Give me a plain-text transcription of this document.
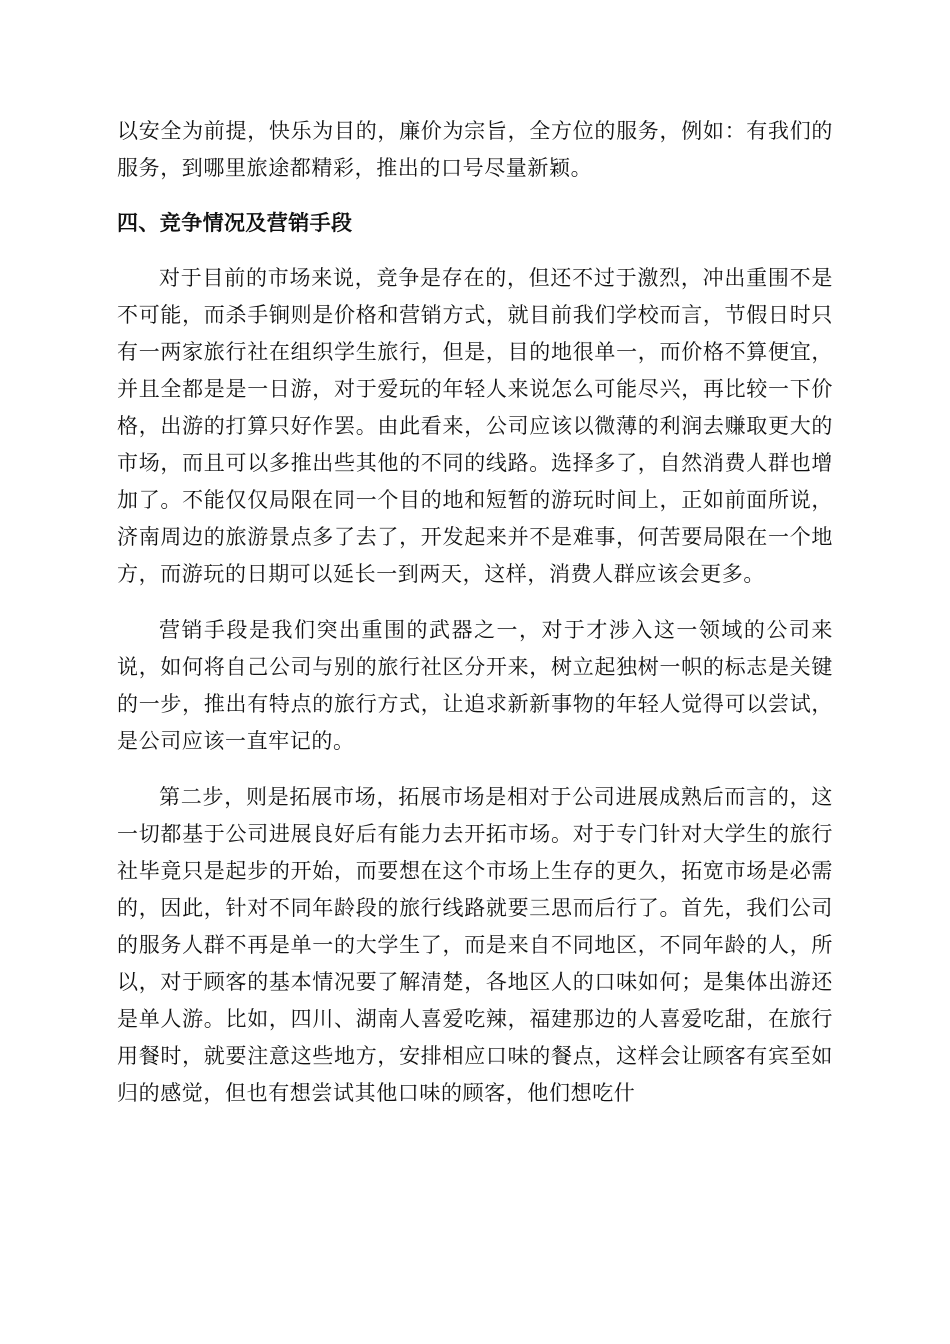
以安全为前提，快乐为目的，廉价为宗旨，全方位的服务，例如：有我们的服务，到哪里旅途都精彩，推出的口号尽量新颖。

四、竞争情况及营销手段

对于目前的市场来说，竞争是存在的，但还不过于激烈，冲出重围不是不可能，而杀手锏则是价格和营销方式，就目前我们学校而言，节假日时只有一两家旅行社在组织学生旅行，但是，目的地很单一，而价格不算便宜，并且全都是是一日游，对于爱玩的年轻人来说怎么可能尽兴，再比较一下价格，出游的打算只好作罢。由此看来，公司应该以微薄的利润去赚取更大的市场，而且可以多推出些其他的不同的线路。选择多了，自然消费人群也增加了。不能仅仅局限在同一个目的地和短暂的游玩时间上，正如前面所说，济南周边的旅游景点多了去了，开发起来并不是难事，何苦要局限在一个地方，而游玩的日期可以延长一到两天，这样，消费人群应该会更多。

营销手段是我们突出重围的武器之一，对于才涉入这一领域的公司来说，如何将自己公司与别的旅行社区分开来，树立起独树一帜的标志是关键的一步，推出有特点的旅行方式，让追求新新事物的年轻人觉得可以尝试，是公司应该一直牢记的。

第二步，则是拓展市场，拓展市场是相对于公司进展成熟后而言的，这一切都基于公司进展良好后有能力去开拓市场。对于专门针对大学生的旅行社毕竟只是起步的开始，而要想在这个市场上生存的更久，拓宽市场是必需的，因此，针对不同年龄段的旅行线路就要三思而后行了。首先，我们公司的服务人群不再是单一的大学生了，而是来自不同地区，不同年龄的人，所以，对于顾客的基本情况要了解清楚，各地区人的口味如何；是集体出游还是单人游。比如，四川、湖南人喜爱吃辣，福建那边的人喜爱吃甜，在旅行用餐时，就要注意这些地方，安排相应口味的餐点，这样会让顾客有宾至如归的感觉，但也有想尝试其他口味的顾客，他们想吃什
